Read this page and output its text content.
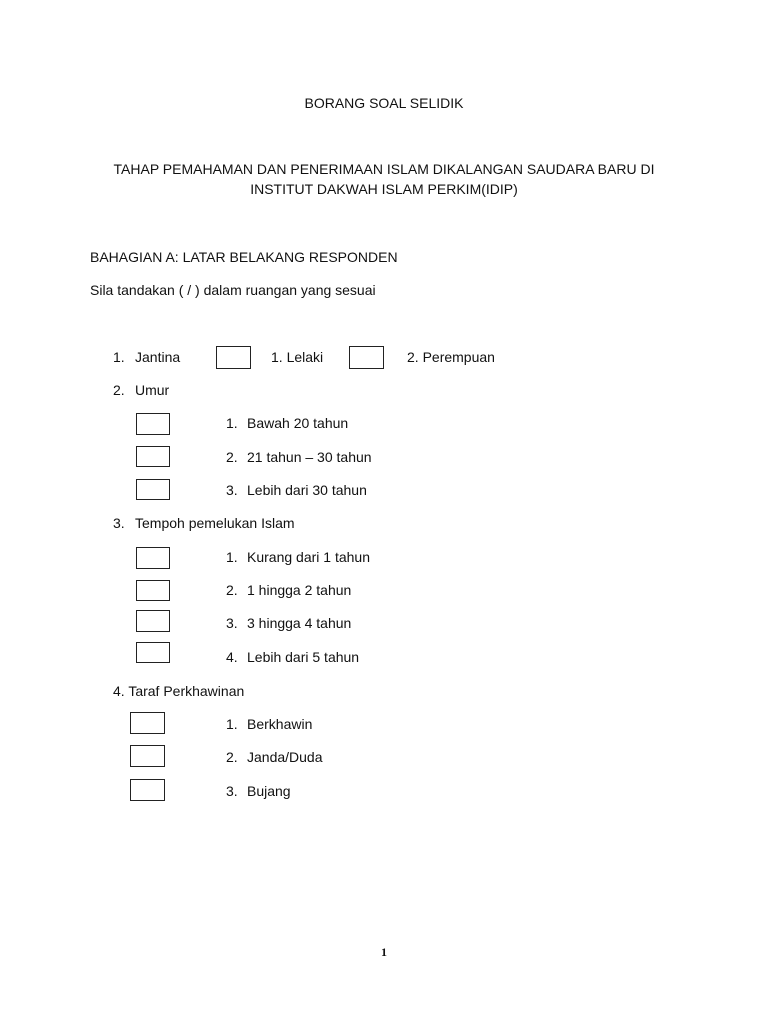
BORANG SOAL SELIDIK
TAHAP PEMAHAMAN DAN PENERIMAAN ISLAM DIKALANGAN SAUDARA BARU DI
INSTITUT DAKWAH ISLAM PERKIM(IDIP)
BAHAGIAN A: LATAR BELAKANG RESPONDEN
Sila tandakan ( / ) dalam ruangan yang sesuai
1. Jantina	1. Lelaki	2. Perempuan
2. Umur
1. Bawah 20 tahun
2. 21 tahun – 30 tahun
3. Lebih dari 30 tahun
3. Tempoh pemelukan Islam
1. Kurang dari 1 tahun
2. 1 hingga 2 tahun
3. 3 hingga 4 tahun
4. Lebih dari 5 tahun
4. Taraf Perkhawinan
1. Berkhawin
2. Janda/Duda
3. Bujang
1
